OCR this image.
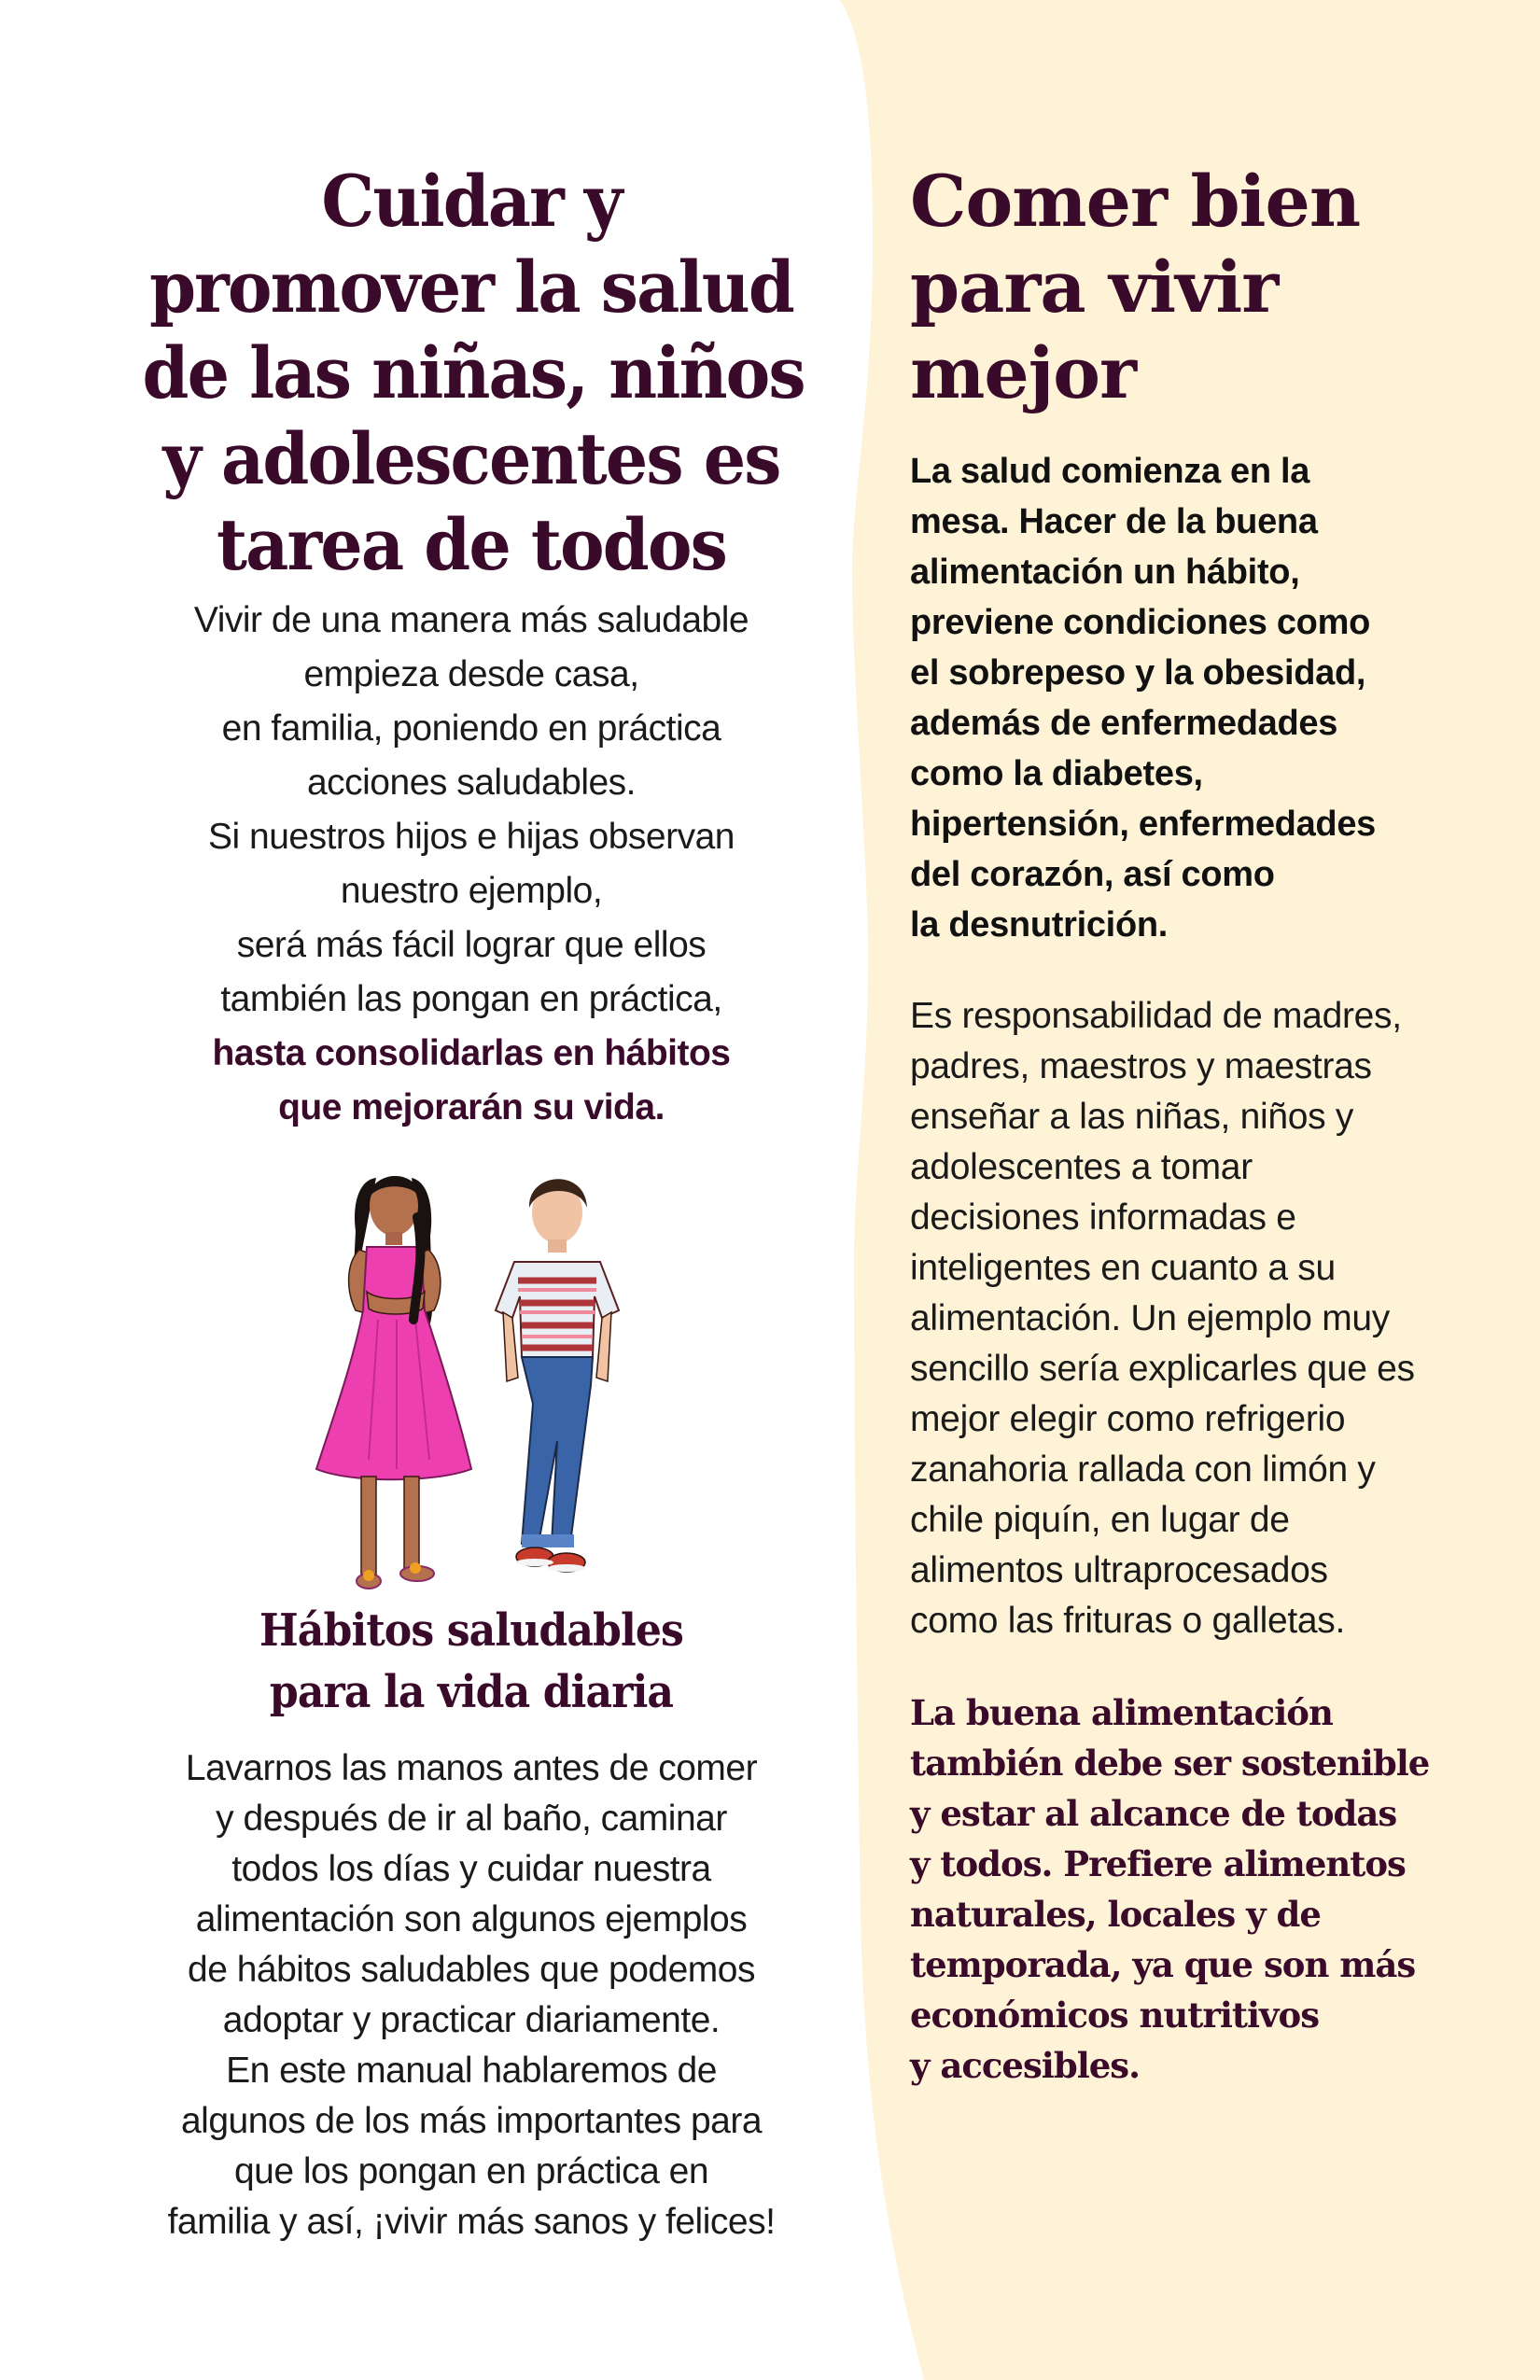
Cuidar y
promover la salud
de las niñas, niños
y adolescentes es
tarea de todos
Vivir de una manera más saludable
empieza desde casa,
en familia, poniendo en práctica
acciones saludables.
Si nuestros hijos e hijas observan
nuestro ejemplo,
será más fácil lograr que ellos
también las pongan en práctica,
hasta consolidarlas en hábitos
que mejorarán su vida.
Hábitos saludables
para la vida diaria
Lavarnos las manos antes de comer
y después de ir al baño, caminar
todos los días y cuidar nuestra
alimentación son algunos ejemplos
de hábitos saludables que podemos
adoptar y practicar diariamente.
En este manual hablaremos de
algunos de los más importantes para
que los pongan en práctica en
familia y así, ¡vivir más sanos y felices!
Comer bien
para vivir
mejor
La salud comienza en la
mesa. Hacer de la buena
alimentación un hábito,
previene condiciones como
el sobrepeso y la obesidad,
además de enfermedades
como la diabetes,
hipertensión, enfermedades
del corazón, así como
la desnutrición.
Es responsabilidad de madres,
padres, maestros y maestras
enseñar a las niñas, niños y
adolescentes a tomar
decisiones informadas e
inteligentes en cuanto a su
alimentación. Un ejemplo muy
sencillo sería explicarles que es
mejor elegir como refrigerio
zanahoria rallada con limón y
chile piquín, en lugar de
alimentos ultraprocesados
como las frituras o galletas.
La buena alimentación
también debe ser sostenible
y estar al alcance de todas
y todos. Prefiere alimentos
naturales, locales y de
temporada, ya que son más
económicos nutritivos
y accesibles.
